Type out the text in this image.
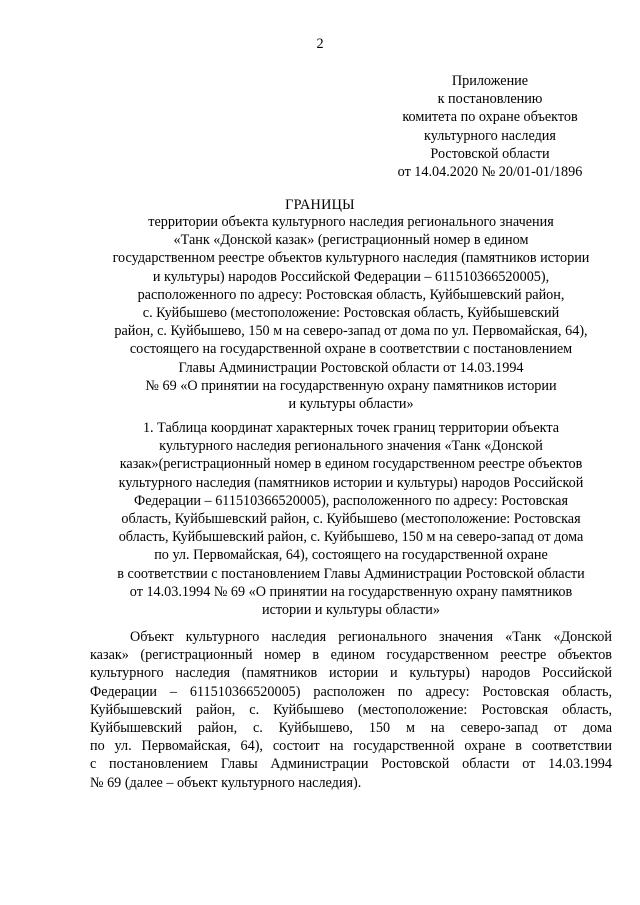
2
Приложение
к постановлению
комитета по охране объектов
культурного наследия
Ростовской области
от 14.04.2020 № 20/01-01/1896
ГРАНИЦЫ
территории объекта культурного наследия регионального значения
«Танк «Донской казак» (регистрационный номер в едином
государственном реестре объектов культурного наследия (памятников истории
и культуры) народов Российской Федерации – 611510366520005),
расположенного по адресу: Ростовская область, Куйбышевский район,
с. Куйбышево (местоположение: Ростовская область, Куйбышевский
район, с. Куйбышево, 150 м на северо-запад от дома по ул. Первомайская, 64),
состоящего на государственной охране в соответствии с постановлением
Главы Администрации Ростовской области от 14.03.1994
№ 69 «О принятии на государственную охрану памятников истории
и культуры области»
1. Таблица координат характерных точек границ территории объекта
культурного наследия регионального значения «Танк «Донской
казак»(регистрационный номер в едином государственном реестре объектов
культурного наследия (памятников истории и культуры) народов Российской
Федерации – 611510366520005), расположенного по адресу: Ростовская
область, Куйбышевский район, с. Куйбышево (местоположение: Ростовская
область, Куйбышевский район, с. Куйбышево, 150 м на северо-запад от дома
по ул. Первомайская, 64), состоящего на государственной охране
в соответствии с постановлением Главы Администрации Ростовской области
от 14.03.1994 № 69 «О принятии на государственную охрану памятников
истории и культуры области»
Объект культурного наследия регионального значения «Танк «Донской
казак» (регистрационный номер в едином государственном реестре объектов
культурного наследия (памятников истории и культуры) народов Российской
Федерации – 611510366520005) расположен по адресу: Ростовская область,
Куйбышевский район, с. Куйбышево (местоположение: Ростовская область,
Куйбышевский район, с. Куйбышево, 150 м на северо-запад от дома
по ул. Первомайская, 64), состоит на государственной охране в соответствии
с постановлением Главы Администрации Ростовской области от 14.03.1994
№ 69 (далее – объект культурного наследия).
